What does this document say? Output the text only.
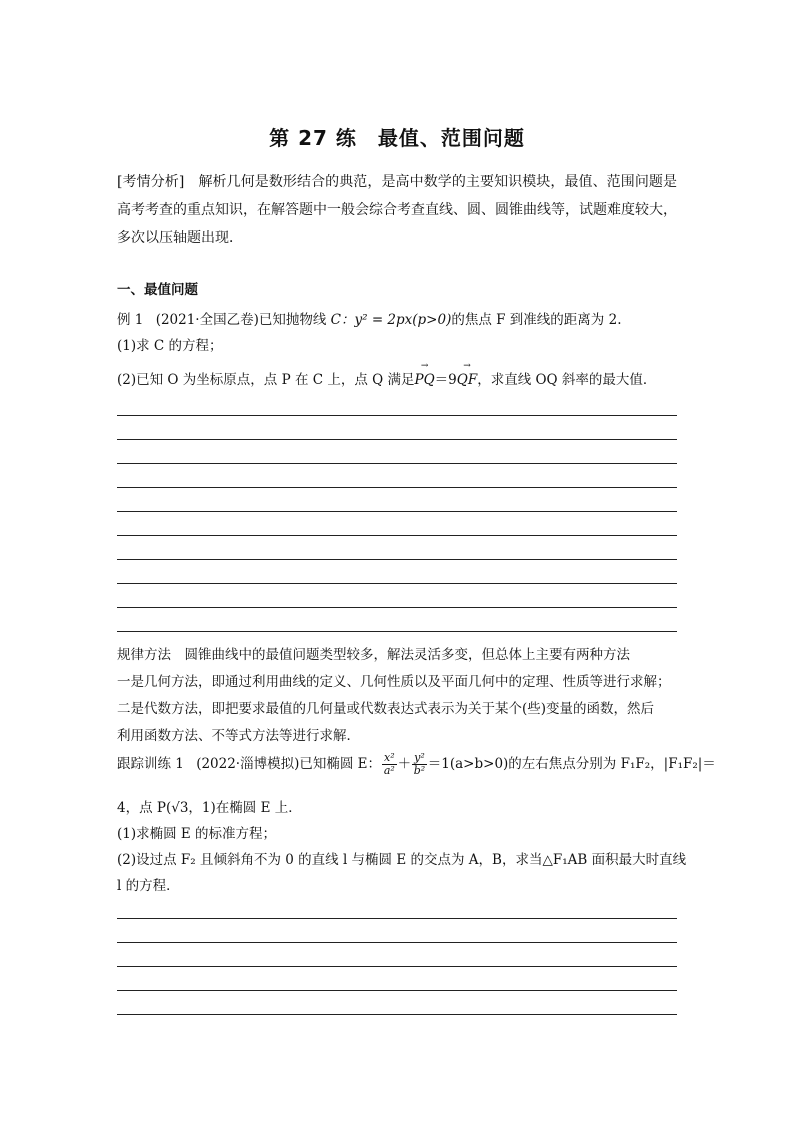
第 27 练　最值、范围问题
[考情分析]　解析几何是数形结合的典范，是高中数学的主要知识模块，最值、范围问题是高考考查的重点知识，在解答题中一般会综合考查直线、圆、圆锥曲线等，试题难度较大，多次以压轴题出现．
一、最值问题
例 1 (2021·全国乙卷)已知抛物线 C：y² = 2px(p>0)的焦点 F 到准线的距离为 2.
(1)求 C 的方程；
(2)已知 O 为坐标原点，点 P 在 C 上，点 Q 满足→ PQ＝9→ QF，求直线 OQ 斜率的最大值．
规律方法　圆锥曲线中的最值问题类型较多，解法灵活多变，但总体上主要有两种方法
一是几何方法，即通过利用曲线的定义、几何性质以及平面几何中的定理、性质等进行求解；
二是代数方法，即把要求最值的几何量或代数表达式表示为关于某个(些)变量的函数，然后
利用函数方法、不等式方法等进行求解．
跟踪训练 1 (2022·淄博模拟)已知椭圆 E： $\frac{\text{x²}}{\text{a²}} + \frac{\text{y²}}{\text{b²}} =1(a>b>0)$的左右焦点分别为 F₁F₂，|F₁F₂|＝
4，点 P(√3，1)在椭圆 E 上．
(1)求椭圆 E 的标准方程；
(2)设过点 F₂ 且倾斜角不为 0 的直线 l 与椭圆 E 的交点为 A，B，求当△F₁AB 面积最大时直线
l 的方程．
